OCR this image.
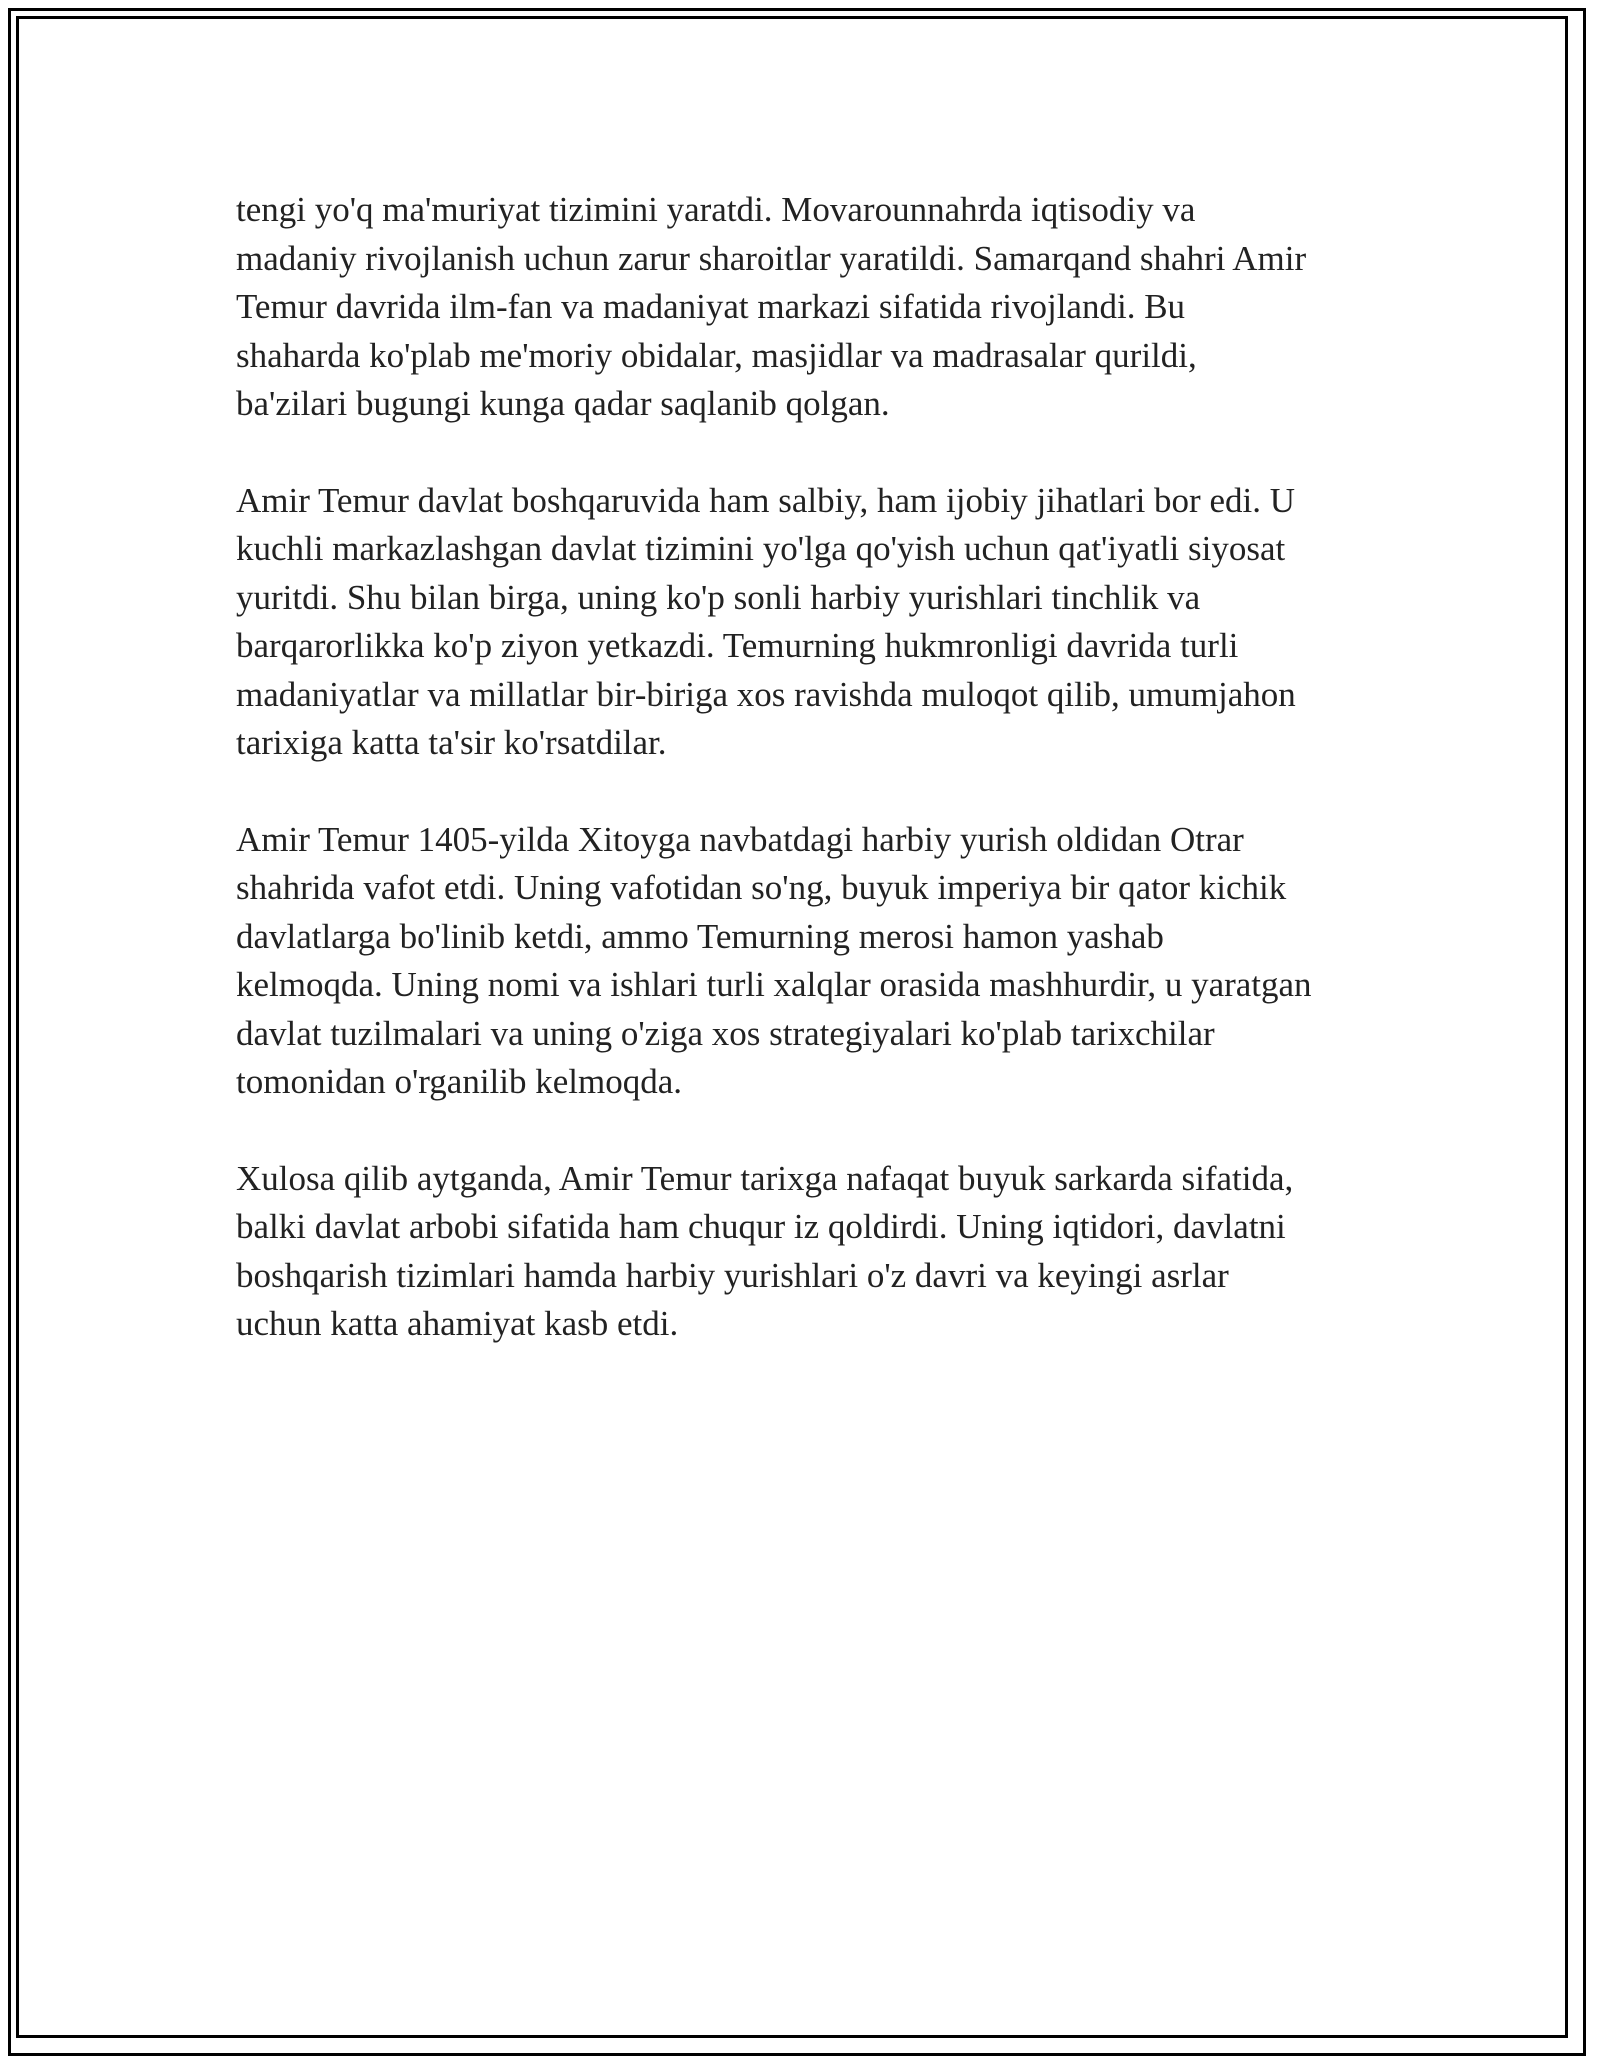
tengi yo'q ma'muriyat tizimini yaratdi. Movarounnahrda iqtisodiy va
madaniy rivojlanish uchun zarur sharoitlar yaratildi. Samarqand shahri Amir
Temur davrida ilm-fan va madaniyat markazi sifatida rivojlandi. Bu
shaharda ko'plab me'moriy obidalar, masjidlar va madrasalar qurildi,
ba'zilari bugungi kunga qadar saqlanib qolgan.

Amir Temur davlat boshqaruvida ham salbiy, ham ijobiy jihatlari bor edi. U
kuchli markazlashgan davlat tizimini yo'lga qo'yish uchun qat'iyatli siyosat
yuritdi. Shu bilan birga, uning ko'p sonli harbiy yurishlari tinchlik va
barqarorlikka ko'p ziyon yetkazdi. Temurning hukmronligi davrida turli
madaniyatlar va millatlar bir-biriga xos ravishda muloqot qilib, umumjahon
tarixiga katta ta'sir ko'rsatdilar.

Amir Temur 1405-yilda Xitoyga navbatdagi harbiy yurish oldidan Otrar
shahrida vafot etdi. Uning vafotidan so'ng, buyuk imperiya bir qator kichik
davlatlarga bo'linib ketdi, ammo Temurning merosi hamon yashab
kelmoqda. Uning nomi va ishlari turli xalqlar orasida mashhurdir, u yaratgan
davlat tuzilmalari va uning o'ziga xos strategiyalari ko'plab tarixchilar
tomonidan o'rganilib kelmoqda.

Xulosa qilib aytganda, Amir Temur tarixga nafaqat buyuk sarkarda sifatida,
balki davlat arbobi sifatida ham chuqur iz qoldirdi. Uning iqtidori, davlatni
boshqarish tizimlari hamda harbiy yurishlari o'z davri va keyingi asrlar
uchun katta ahamiyat kasb etdi.
